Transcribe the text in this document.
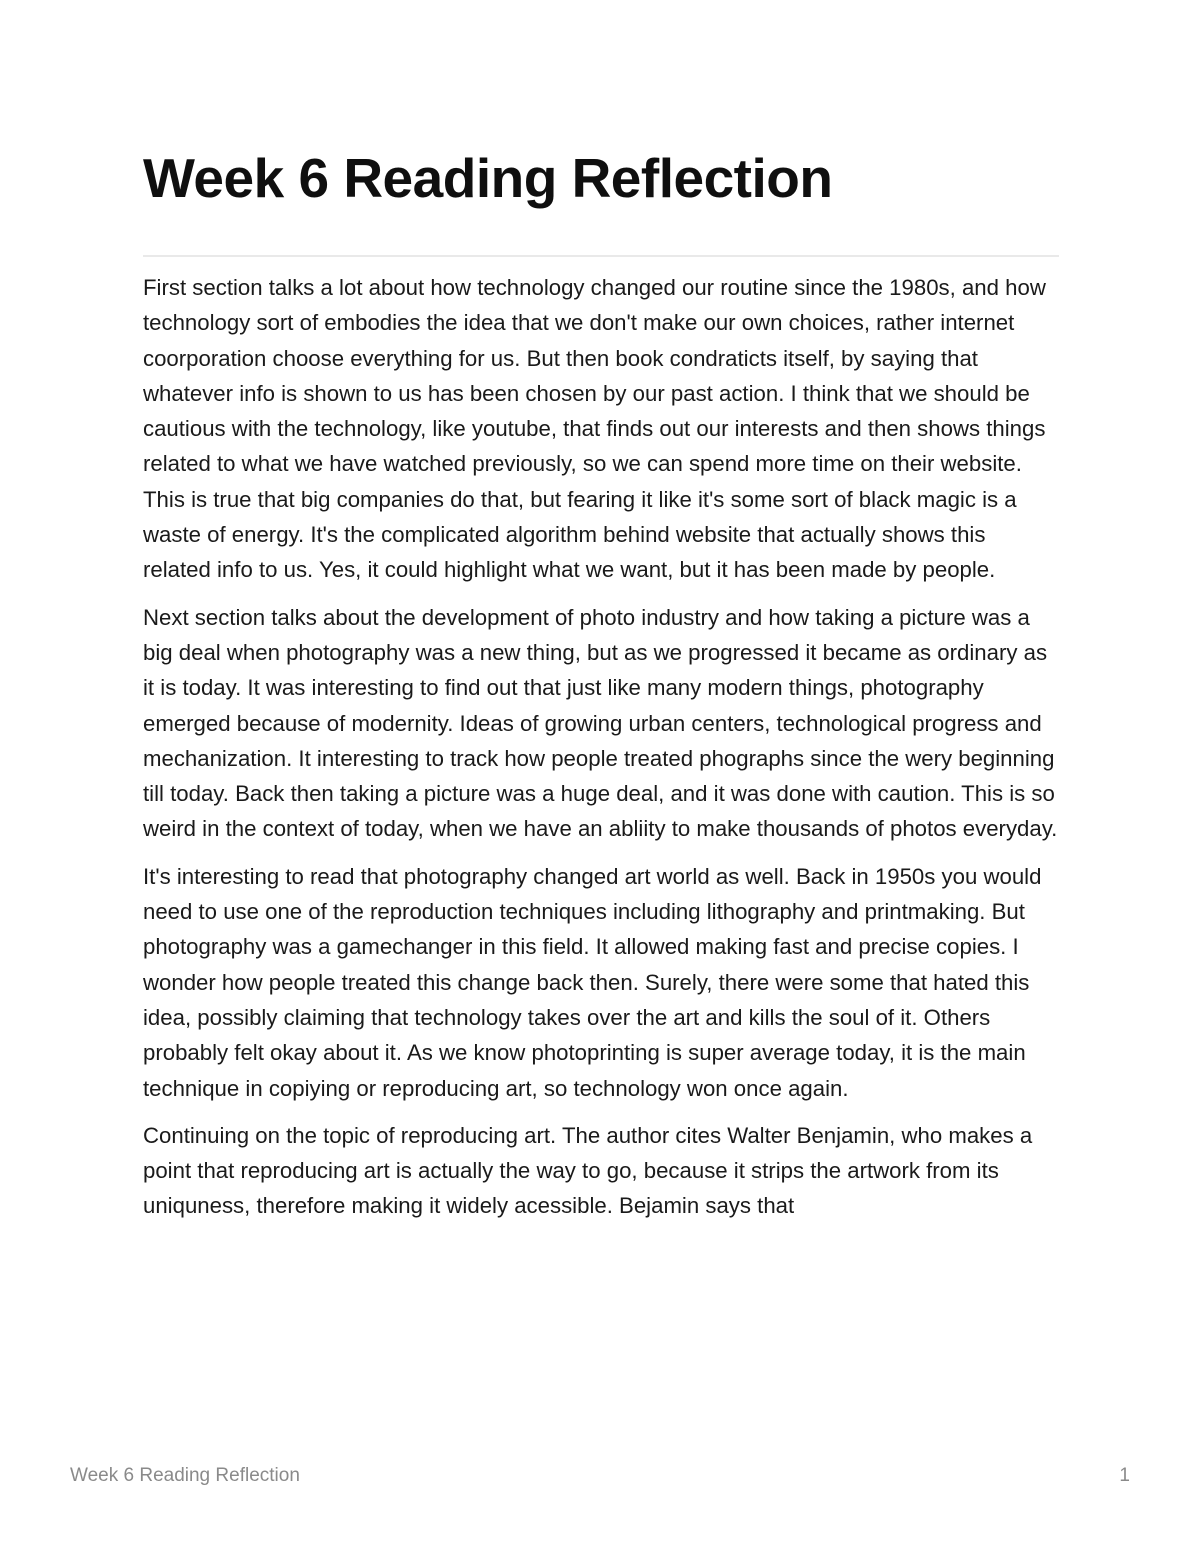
Week 6 Reading Reflection

First section talks a lot about how technology changed our routine since the 1980s, and how technology sort of embodies the idea that we don't make our own choices, rather internet coorporation choose everything for us. But then book condraticts itself, by saying that whatever info is shown to us has been chosen by our past action. I think that we should be cautious with the technology, like youtube, that finds out our interests and then shows things related to what we have watched previously, so we can spend more time on their website. This is true that big companies do that, but fearing it like it's some sort of black magic is a waste of energy. It's the complicated algorithm behind website that actually shows this related info to us. Yes, it could highlight what we want, but it has been made by people.

Next section talks about the development of photo industry and how taking a picture was a big deal when photography was a new thing, but as we progressed it became as ordinary as it is today. It was interesting to find out that just like many modern things, photography emerged because of modernity. Ideas of growing urban centers, technological progress and mechanization. It interesting to track how people treated phographs since the wery beginning till today. Back then taking a picture was a huge deal, and it was done with caution. This is so weird in the context of today, when we have an abliity to make thousands of photos everyday.

It's interesting to read that photography changed art world as well. Back in 1950s you would need to use one of the reproduction techniques including lithography and printmaking. But photography was a gamechanger in this field. It allowed making fast and precise copies. I wonder how people treated this change back then. Surely, there were some that hated this idea, possibly claiming that technology takes over the art and kills the soul of it. Others probably felt okay about it. As we know photoprinting is super average today, it is the main technique in copiying or reproducing art, so technology won once again.

Continuing on the topic of reproducing art. The author cites Walter Benjamin, who makes a point that reproducing art is actually the way to go, because it strips the artwork from its uniquness, therefore making it widely acessible. Bejamin says that

Week 6 Reading Reflection	1
